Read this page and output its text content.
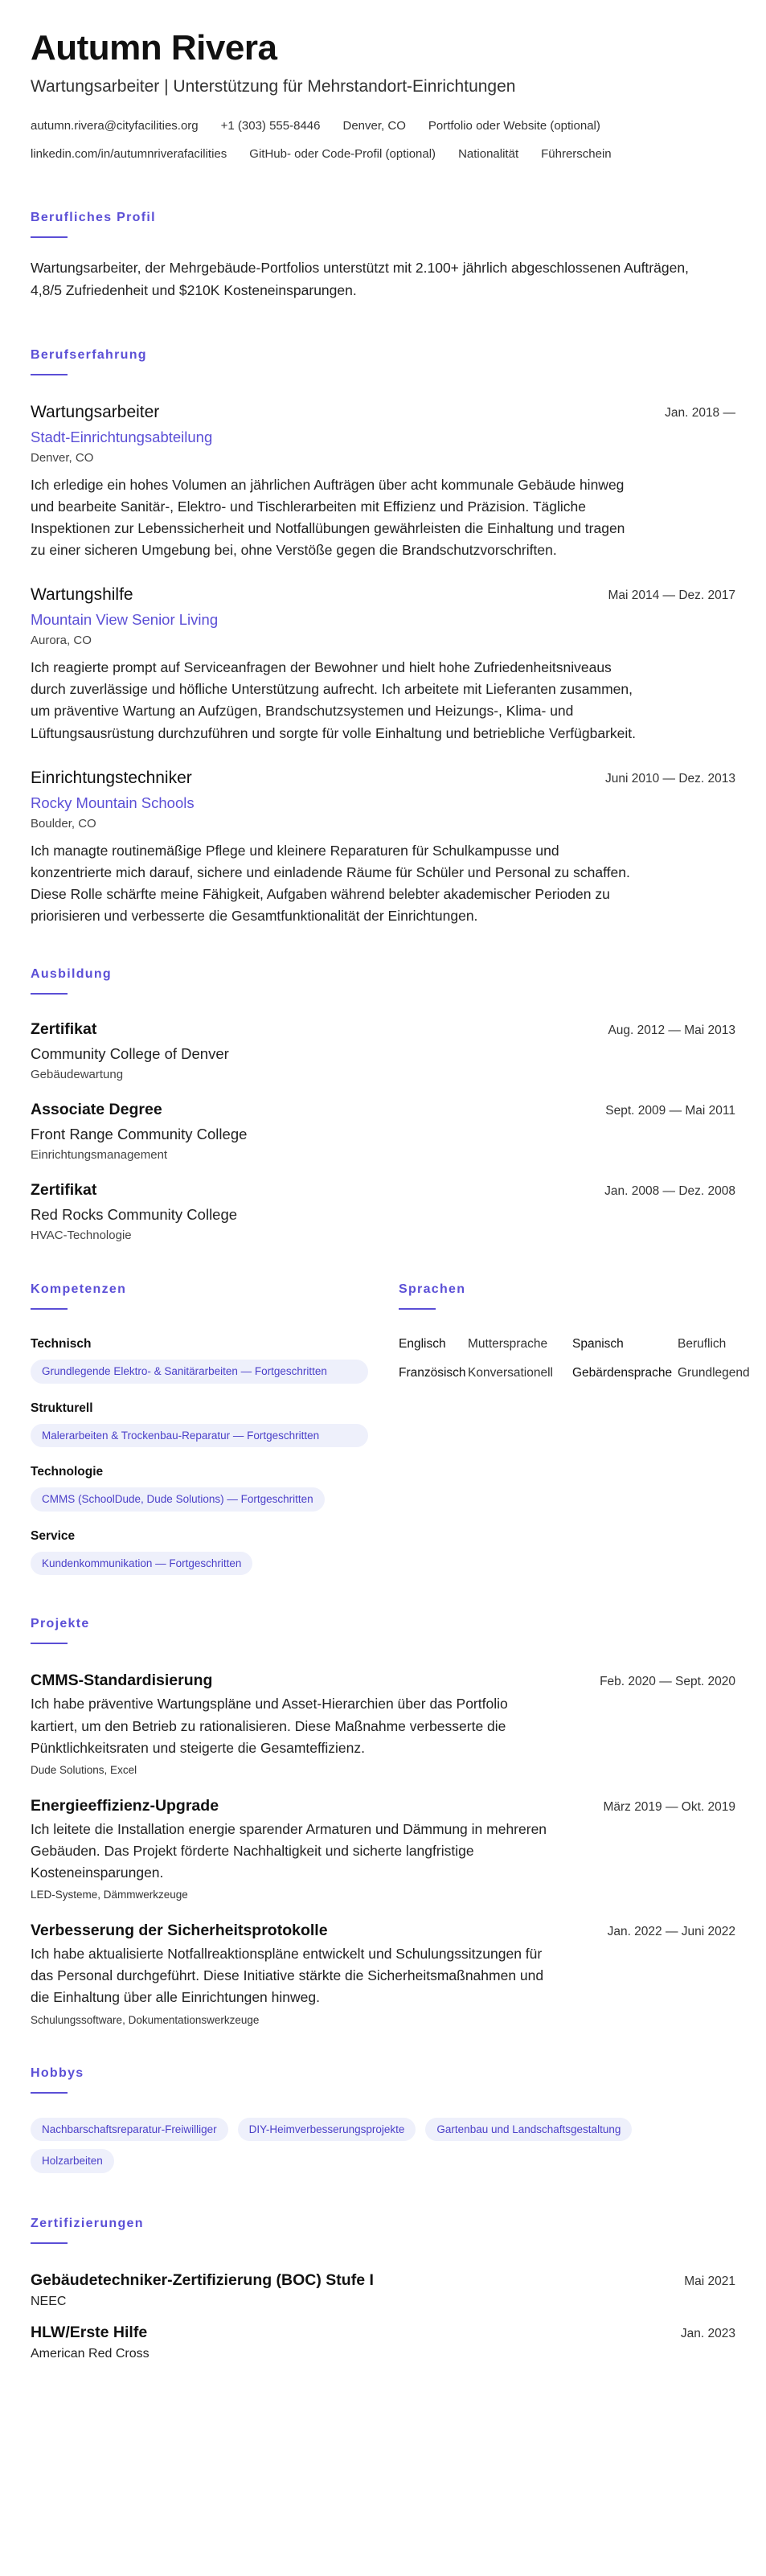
Autumn Rivera
Wartungsarbeiter | Unterstützung für Mehrstandort-Einrichtungen
autumn.rivera@cityfacilities.org +1 (303) 555-8446 Denver, CO Portfolio oder Website (optional)
linkedin.com/in/autumnriverafacilities GitHub- oder Code-Profil (optional) Nationalität Führerschein
Berufliches Profil
Wartungsarbeiter, der Mehrgebäude-Portfolios unterstützt mit 2.100+ jährlich abgeschlossenen Aufträgen, 4,8/5 Zufriedenheit und $210K Kosteneinsparungen.
Berufserfahrung
Wartungsarbeiter	Jan. 2018 —
Stadt-Einrichtungsabteilung
Denver, CO
Ich erledige ein hohes Volumen an jährlichen Aufträgen über acht kommunale Gebäude hinweg und bearbeite Sanitär-, Elektro- und Tischlerarbeiten mit Effizienz und Präzision. Tägliche Inspektionen zur Lebenssicherheit und Notfallübungen gewährleisten die Einhaltung und tragen zu einer sicheren Umgebung bei, ohne Verstöße gegen die Brandschutzvorschriften.
Wartungshilfe	Mai 2014 — Dez. 2017
Mountain View Senior Living
Aurora, CO
Ich reagierte prompt auf Serviceanfragen der Bewohner und hielt hohe Zufriedenheitsniveaus durch zuverlässige und höfliche Unterstützung aufrecht. Ich arbeitete mit Lieferanten zusammen, um präventive Wartung an Aufzügen, Brandschutzsystemen und Heizungs-, Klima- und Lüftungsausrüstung durchzuführen und sorgte für volle Einhaltung und betriebliche Verfügbarkeit.
Einrichtungstechniker	Juni 2010 — Dez. 2013
Rocky Mountain Schools
Boulder, CO
Ich managte routinemäßige Pflege und kleinere Reparaturen für Schulkampusse und konzentrierte mich darauf, sichere und einladende Räume für Schüler und Personal zu schaffen. Diese Rolle schärfte meine Fähigkeit, Aufgaben während belebter akademischer Perioden zu priorisieren und verbesserte die Gesamtfunktionalität der Einrichtungen.
Ausbildung
Zertifikat	Aug. 2012 — Mai 2013
Community College of Denver
Gebäudewartung
Associate Degree	Sept. 2009 — Mai 2011
Front Range Community College
Einrichtungsmanagement
Zertifikat	Jan. 2008 — Dez. 2008
Red Rocks Community College
HVAC-Technologie
Kompetenzen
Technisch
Grundlegende Elektro- & Sanitärarbeiten — Fortgeschritten
Strukturell
Malerarbeiten & Trockenbau-Reparatur — Fortgeschritten
Technologie
CMMS (SchoolDude, Dude Solutions) — Fortgeschritten
Service
Kundenkommunikation — Fortgeschritten
Sprachen
Englisch	Muttersprache	Spanisch	Beruflich
Französisch Konversationell	Gebärdensprache Grundlegend
Projekte
CMMS-Standardisierung	Feb. 2020 — Sept. 2020
Ich habe präventive Wartungspläne und Asset-Hierarchien über das Portfolio kartiert, um den Betrieb zu rationalisieren. Diese Maßnahme verbesserte die Pünktlichkeitsraten und steigerte die Gesamteffizienz.
Dude Solutions, Excel
Energieeffizienz-Upgrade	März 2019 — Okt. 2019
Ich leitete die Installation energie sparender Armaturen und Dämmung in mehreren Gebäuden. Das Projekt förderte Nachhaltigkeit und sicherte langfristige Kosteneinsparungen.
LED-Systeme, Dämmwerkzeuge
Verbesserung der Sicherheitsprotokolle	Jan. 2022 — Juni 2022
Ich habe aktualisierte Notfallreaktionspläne entwickelt und Schulungssitzungen für das Personal durchgeführt. Diese Initiative stärkte die Sicherheitsmaßnahmen und die Einhaltung über alle Einrichtungen hinweg.
Schulungssoftware, Dokumentationswerkzeuge
Hobbys
Nachbarschaftsreparatur-Freiwilliger	DIY-Heimverbesserungsprojekte	Gartenbau und Landschaftsgestaltung
Holzarbeiten
Zertifizierungen
Gebäudetechniker-Zertifizierung (BOC) Stufe I	Mai 2021
NEEC
HLW/Erste Hilfe	Jan. 2023
American Red Cross
